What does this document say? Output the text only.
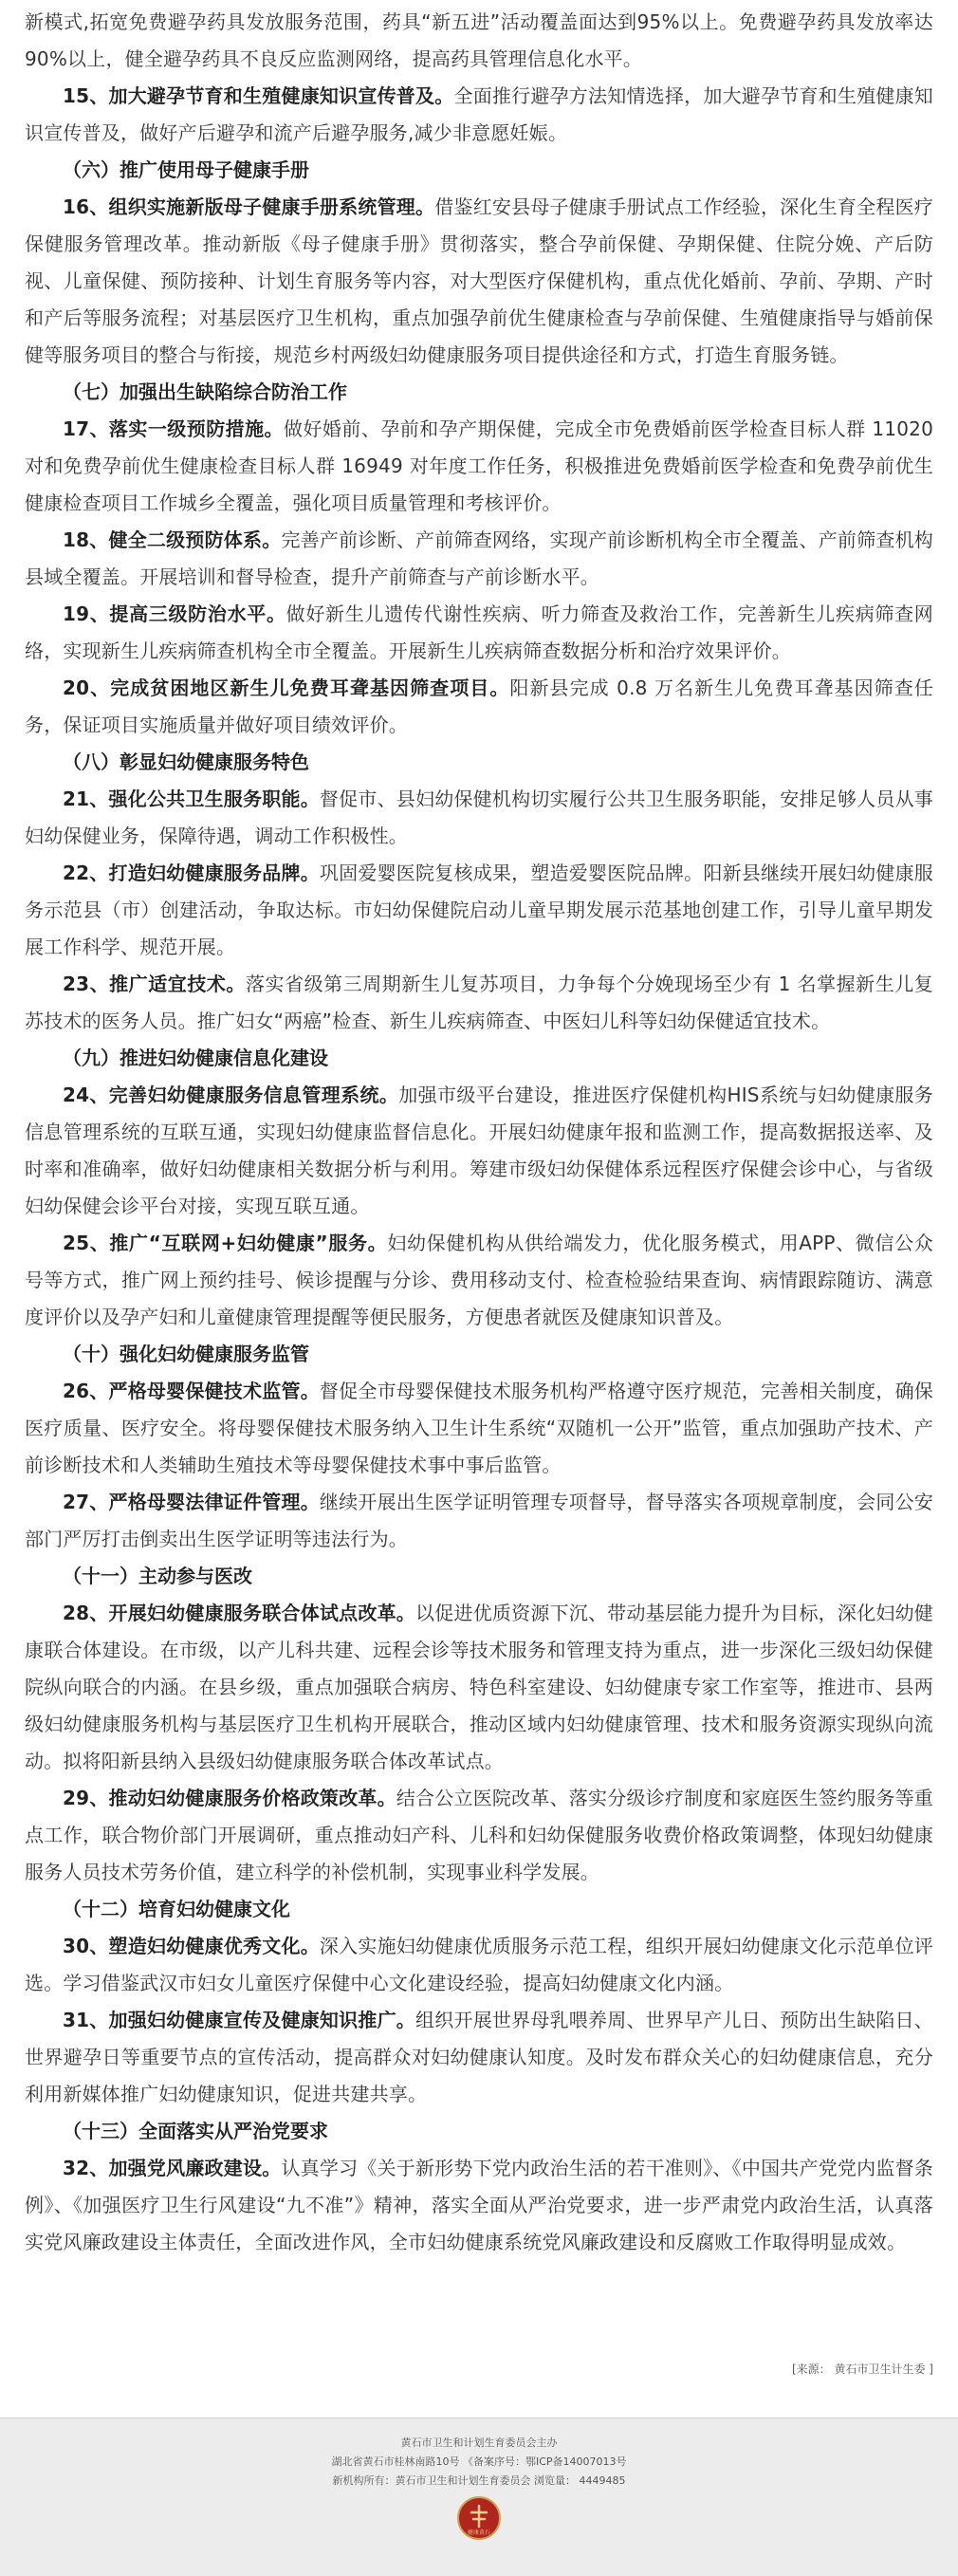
新模式,拓宽免费避孕药具发放服务范围，药具“新五进”活动覆盖面达到95%以上。免费避孕药具发放率达90%以上，健全避孕药具不良反应监测网络，提高药具管理信息化水平。

15、加大避孕节育和生殖健康知识宣传普及。全面推行避孕方法知情选择，加大避孕节育和生殖健康知识宣传普及，做好产后避孕和流产后避孕服务,减少非意愿妊娠。

（六）推广使用母子健康手册

16、组织实施新版母子健康手册系统管理。借鉴红安县母子健康手册试点工作经验，深化生育全程医疗保健服务管理改革。推动新版《母子健康手册》贯彻落实，整合孕前保健、孕期保健、住院分娩、产后防视、儿童保健、预防接种、计划生育服务等内容，对大型医疗保健机构，重点优化婚前、孕前、孕期、产时和产后等服务流程；对基层医疗卫生机构，重点加强孕前优生健康检查与孕前保健、生殖健康指导与婚前保健等服务项目的整合与衔接，规范乡村两级妇幼健康服务项目提供途径和方式，打造生育服务链。

（七）加强出生缺陷综合防治工作

17、落实一级预防措施。做好婚前、孕前和孕产期保健，完成全市免费婚前医学检查目标人群 11020 对和免费孕前优生健康检查目标人群 16949 对年度工作任务，积极推进免费婚前医学检查和免费孕前优生健康检查项目工作城乡全覆盖，强化项目质量管理和考核评价。

18、健全二级预防体系。完善产前诊断、产前筛查网络，实现产前诊断机构全市全覆盖、产前筛查机构县域全覆盖。开展培训和督导检查，提升产前筛查与产前诊断水平。

19、提高三级防治水平。做好新生儿遗传代谢性疾病、听力筛查及救治工作，完善新生儿疾病筛查网络，实现新生儿疾病筛查机构全市全覆盖。开展新生儿疾病筛查数据分析和治疗效果评价。

20、完成贫困地区新生儿免费耳聋基因筛查项目。阳新县完成 0.8 万名新生儿免费耳聋基因筛查任务，保证项目实施质量并做好项目绩效评价。

（八）彰显妇幼健康服务特色

21、强化公共卫生服务职能。督促市、县妇幼保健机构切实履行公共卫生服务职能，安排足够人员从事妇幼保健业务，保障待遇，调动工作积极性。

22、打造妇幼健康服务品牌。巩固爱婴医院复核成果，塑造爱婴医院品牌。阳新县继续开展妇幼健康服务示范县（市）创建活动，争取达标。市妇幼保健院启动儿童早期发展示范基地创建工作，引导儿童早期发展工作科学、规范开展。

23、推广适宜技术。落实省级第三周期新生儿复苏项目，力争每个分娩现场至少有 1 名掌握新生儿复苏技术的医务人员。推广妇女“两癌”检查、新生儿疾病筛查、中医妇儿科等妇幼保健适宜技术。

（九）推进妇幼健康信息化建设

24、完善妇幼健康服务信息管理系统。加强市级平台建设，推进医疗保健机构HIS系统与妇幼健康服务信息管理系统的互联互通，实现妇幼健康监督信息化。开展妇幼健康年报和监测工作，提高数据报送率、及时率和准确率，做好妇幼健康相关数据分析与利用。筹建市级妇幼保健体系远程医疗保健会诊中心，与省级妇幼保健会诊平台对接，实现互联互通。

25、推广“互联网+妇幼健康”服务。妇幼保健机构从供给端发力，优化服务模式，用APP、微信公众号等方式，推广网上预约挂号、候诊提醒与分诊、费用移动支付、检查检验结果查询、病情跟踪随访、满意度评价以及孕产妇和儿童健康管理提醒等便民服务，方便患者就医及健康知识普及。

（十）强化妇幼健康服务监管

26、严格母婴保健技术监管。督促全市母婴保健技术服务机构严格遵守医疗规范，完善相关制度，确保医疗质量、医疗安全。将母婴保健技术服务纳入卫生计生系统“双随机一公开”监管，重点加强助产技术、产前诊断技术和人类辅助生殖技术等母婴保健技术事中事后监管。

27、严格母婴法律证件管理。继续开展出生医学证明管理专项督导，督导落实各项规章制度，会同公安部门严厉打击倒卖出生医学证明等违法行为。

（十一）主动参与医改

28、开展妇幼健康服务联合体试点改革。以促进优质资源下沉、带动基层能力提升为目标，深化妇幼健康联合体建设。在市级，以产儿科共建、远程会诊等技术服务和管理支持为重点，进一步深化三级妇幼保健院纵向联合的内涵。在县乡级，重点加强联合病房、特色科室建设、妇幼健康专家工作室等，推进市、县两级妇幼健康服务机构与基层医疗卫生机构开展联合，推动区域内妇幼健康管理、技术和服务资源实现纵向流动。拟将阳新县纳入县级妇幼健康服务联合体改革试点。

29、推动妇幼健康服务价格政策改革。结合公立医院改革、落实分级诊疗制度和家庭医生签约服务等重点工作，联合物价部门开展调研，重点推动妇产科、儿科和妇幼保健服务收费价格政策调整，体现妇幼健康服务人员技术劳务价值，建立科学的补偿机制，实现事业科学发展。

（十二）培育妇幼健康文化

30、塑造妇幼健康优秀文化。深入实施妇幼健康优质服务示范工程，组织开展妇幼健康文化示范单位评选。学习借鉴武汉市妇女儿童医疗保健中心文化建设经验，提高妇幼健康文化内涵。

31、加强妇幼健康宣传及健康知识推广。组织开展世界母乳喂养周、世界早产儿日、预防出生缺陷日、世界避孕日等重要节点的宣传活动，提高群众对妇幼健康认知度。及时发布群众关心的妇幼健康信息，充分利用新媒体推广妇幼健康知识，促进共建共享。

（十三）全面落实从严治党要求

32、加强党风廉政建设。认真学习《关于新形势下党内政治生活的若干准则》、《中国共产党党内监督条例》、《加强医疗卫生行风建设“九不准”》精神，落实全面从严治党要求，进一步严肃党内政治生活，认真落实党风廉政建设主体责任，全面改进作风，全市妇幼健康系统党风廉政建设和反腐败工作取得明显成效。

[来源： 黄石市卫生计生委 ]
黄石市卫生和计划生育委员会主办
湖北省黄石市桂林南路10号 《备案序号：鄂ICP备14007013号
新机构所有：黄石市卫生和计划生育委员会 浏览量： 4449485
健康黄石
